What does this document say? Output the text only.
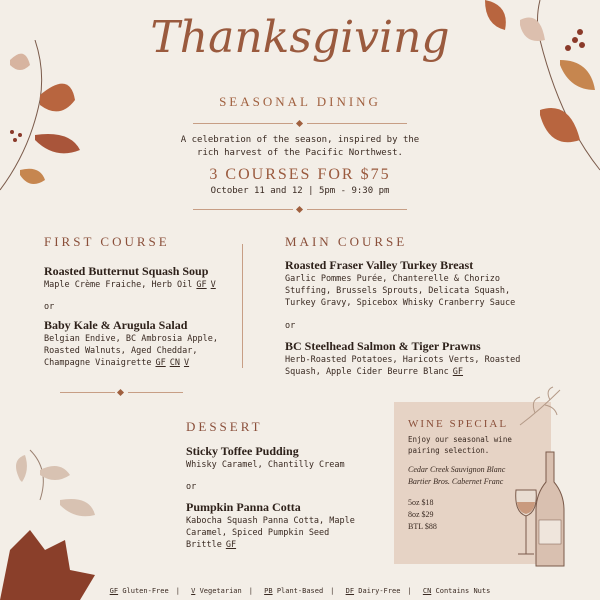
Thanksgiving
SEASONAL DINING
A celebration of the season, inspired by the
rich harvest of the Pacific Northwest.
3 COURSES FOR $75
October 11 and 12 | 5pm - 9:30 pm
FIRST COURSE
Roasted Butternut Squash Soup
Maple Crème Fraiche, Herb Oil GF V
or
Baby Kale & Arugula Salad
Belgian Endive, BC Ambrosia Apple,
Roasted Walnuts, Aged Cheddar,
Champagne Vinaigrette GF CN V
MAIN COURSE
Roasted Fraser Valley Turkey Breast
Garlic Pommes Purée, Chanterelle & Chorizo
Stuffing, Brussels Sprouts, Delicata Squash,
Turkey Gravy, Spicebox Whisky Cranberry Sauce
or
BC Steelhead Salmon & Tiger Prawns
Herb-Roasted Potatoes, Haricots Verts, Roasted
Squash, Apple Cider Beurre Blanc GF
DESSERT
Sticky Toffee Pudding
Whisky Caramel, Chantilly Cream
or
Pumpkin Panna Cotta
Kabocha Squash Panna Cotta, Maple
Caramel, Spiced Pumpkin Seed
Brittle GF
WINE SPECIAL
Enjoy our seasonal wine
pairing selection.
Cedar Creek Sauvignon Blanc
Bartier Bros. Cabernet Franc
5oz $18
8oz $29
BTL $88
GF Gluten-Free | V Vegetarian | PB Plant-Based | DF Dairy-Free | CN Contains Nuts
